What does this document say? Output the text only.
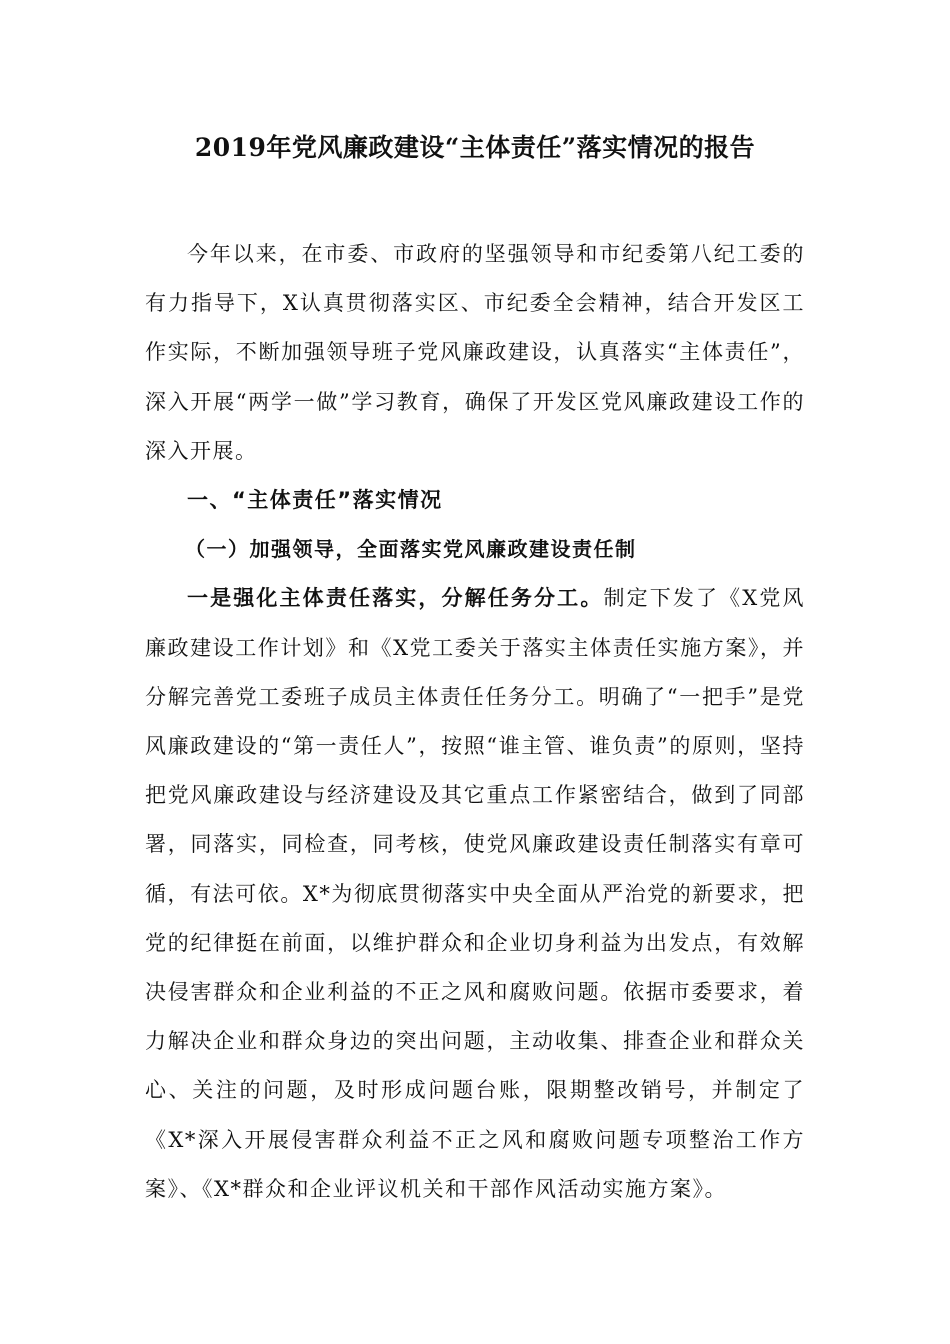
2019年党风廉政建设“主体责任”落实情况的报告

今年以来，在市委、市政府的坚强领导和市纪委第八纪工委的有力指导下，X认真贯彻落实区、市纪委全会精神，结合开发区工作实际，不断加强领导班子党风廉政建设，认真落实“主体责任”，深入开展“两学一做”学习教育，确保了开发区党风廉政建设工作的深入开展。

一、“主体责任”落实情况

（一）加强领导，全面落实党风廉政建设责任制

一是强化主体责任落实，分解任务分工。制定下发了《X党风廉政建设工作计划》和《X党工委关于落实主体责任实施方案》，并分解完善党工委班子成员主体责任任务分工。明确了“一把手”是党风廉政建设的“第一责任人”，按照“谁主管、谁负责”的原则，坚持把党风廉政建设与经济建设及其它重点工作紧密结合，做到了同部署，同落实，同检查，同考核，使党风廉政建设责任制落实有章可循，有法可依。X*为彻底贯彻落实中央全面从严治党的新要求，把党的纪律挺在前面，以维护群众和企业切身利益为出发点，有效解决侵害群众和企业利益的不正之风和腐败问题。依据市委要求，着力解决企业和群众身边的突出问题，主动收集、排查企业和群众关心、关注的问题，及时形成问题台账，限期整改销号，并制定了《X*深入开展侵害群众利益不正之风和腐败问题专项整治工作方案》、《X*群众和企业评议机关和干部作风活动实施方案》。
